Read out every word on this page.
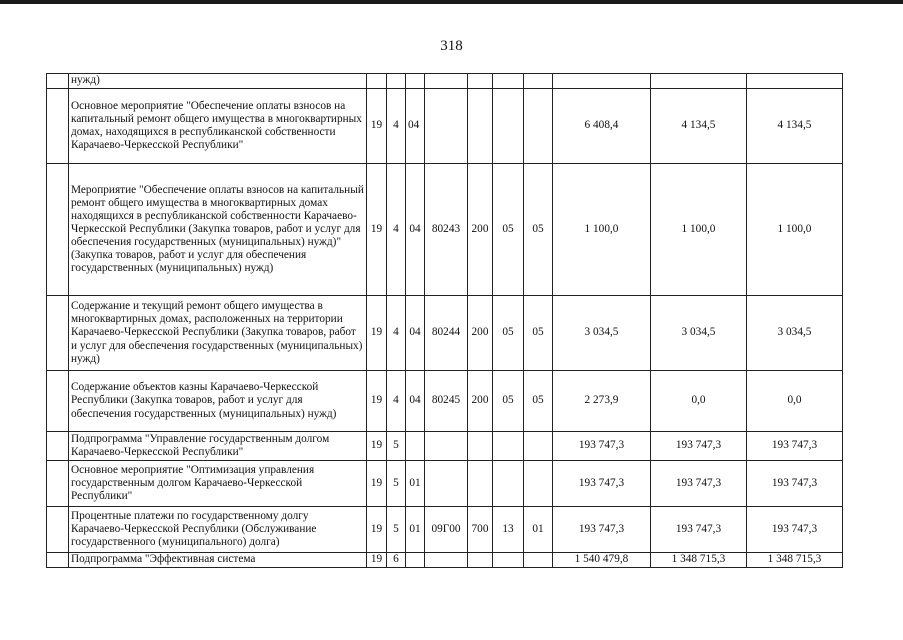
318
	нужд)										
	Основное мероприятие "Обеспечение оплаты взносов на капитальный ремонт общего имущества в многоквартирных домах, находящихся в республиканской собственности Карачаево-Черкесской Республики"	19	4	04					6 408,4	4 134,5	4 134,5
	Мероприятие "Обеспечение оплаты взносов на капитальный ремонт общего имущества в многоквартирных домах находящихся в республиканской собственности Карачаево-Черкесской Республики (Закупка товаров, работ и услуг для обеспечения государственных (муниципальных) нужд)" (Закупка товаров, работ и услуг для обеспечения государственных (муниципальных) нужд)	19	4	04	80243	200	05	05	1 100,0	1 100,0	1 100,0
	Содержание и текущий ремонт общего имущества в многоквартирных домах, расположенных на территории Карачаево-Черкесской Республики (Закупка товаров, работ и услуг для обеспечения государственных (муниципальных) нужд)	19	4	04	80244	200	05	05	3 034,5	3 034,5	3 034,5
	Содержание объектов казны Карачаево-Черкесской Республики (Закупка товаров, работ и услуг для обеспечения государственных (муниципальных) нужд)	19	4	04	80245	200	05	05	2 273,9	0,0	0,0
	Подпрограмма "Управление государственным долгом Карачаево-Черкесской Республики"	19	5						193 747,3	193 747,3	193 747,3
	Основное мероприятие "Оптимизация управления государственным долгом Карачаево-Черкесской Республики"	19	5	01					193 747,3	193 747,3	193 747,3
	Процентные платежи по государственному долгу Карачаево-Черкесской Республики (Обслуживание государственного (муниципального) долга)	19	5	01	09Г00	700	13	01	193 747,3	193 747,3	193 747,3
	Подпрограмма "Эффективная система	19	6						1 540 479,8	1 348 715,3	1 348 715,3
